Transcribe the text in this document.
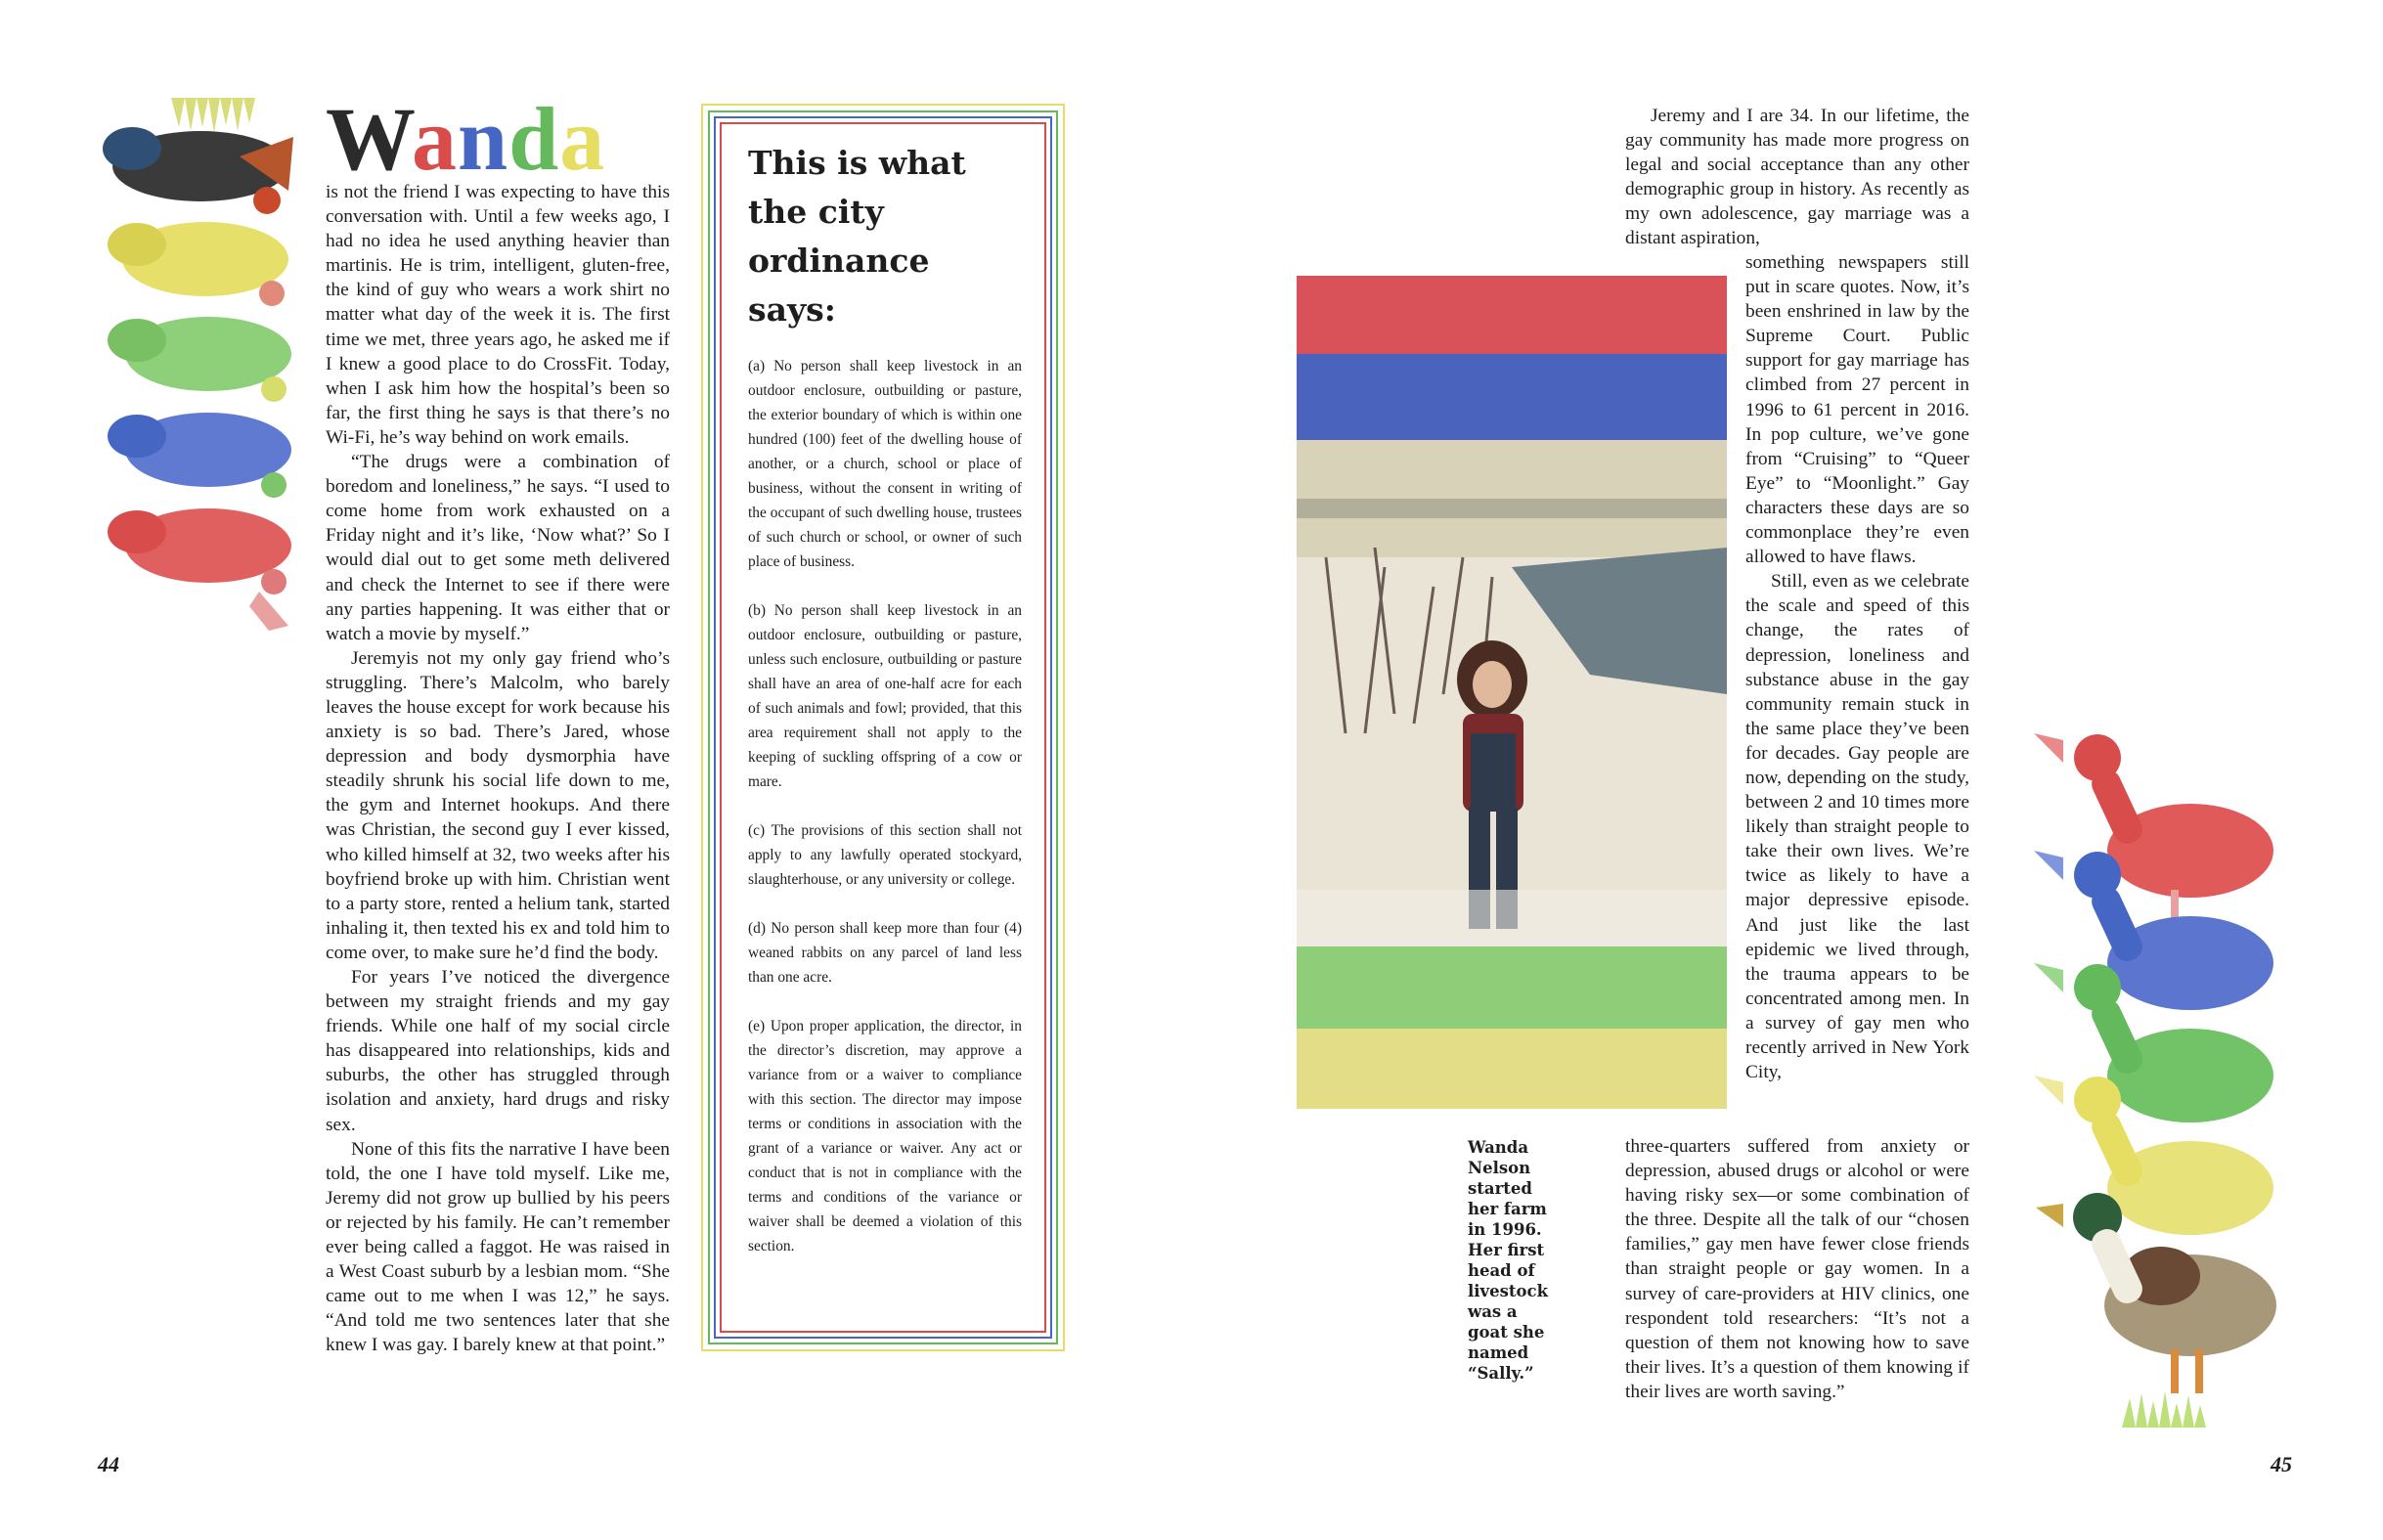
Wanda

is not the friend I was expecting to have this conversation with. Until a few weeks ago, I had no idea he used anything heavier than martinis. He is trim, intelligent, gluten-free, the kind of guy who wears a work shirt no matter what day of the week it is. The first time we met, three years ago, he asked me if I knew a good place to do CrossFit. Today, when I ask him how the hospital’s been so far, the first thing he says is that there’s no Wi-Fi, he’s way behind on work emails.

“The drugs were a combination of boredom and loneliness,” he says. “I used to come home from work exhausted on a Friday night and it’s like, ‘Now what?’ So I would dial out to get some meth delivered and check the Internet to see if there were any parties happening. It was either that or watch a movie by myself.”

Jeremyis not my only gay friend who’s struggling. There’s Malcolm, who barely leaves the house except for work because his anxiety is so bad. There’s Jared, whose depression and body dysmorphia have steadily shrunk his social life down to me, the gym and Internet hookups. And there was Christian, the second guy I ever kissed, who killed himself at 32, two weeks after his boyfriend broke up with him. Christian went to a party store, rented a helium tank, started inhaling it, then texted his ex and told him to come over, to make sure he’d find the body.

For years I’ve noticed the divergence between my straight friends and my gay friends. While one half of my social circle has disappeared into relationships, kids and suburbs, the other has struggled through isolation and anxiety, hard drugs and risky sex.

None of this fits the narrative I have been told, the one I have told myself. Like me, Jeremy did not grow up bullied by his peers or rejected by his family. He can’t remember ever being called a faggot. He was raised in a West Coast suburb by a lesbian mom. “She came out to me when I was 12,” he says. “And told me two sentences later that she knew I was gay. I barely knew at that point.”

This is what the city ordinance says:

(a) No person shall keep livestock in an outdoor enclosure, outbuilding or pasture, the exterior boundary of which is within one hundred (100) feet of the dwelling house of another, or a church, school or place of business, without the consent in writing of the occupant of such dwelling house, trustees of such church or school, or owner of such place of business.

(b) No person shall keep livestock in an outdoor enclosure, outbuilding or pasture, unless such enclosure, outbuilding or pasture shall have an area of one-half acre for each of such animals and fowl; provided, that this area requirement shall not apply to the keeping of suckling offspring of a cow or mare.

(c) The provisions of this section shall not apply to any lawfully operated stockyard, slaughterhouse, or any university or college.

(d) No person shall keep more than four (4) weaned rabbits on any parcel of land less than one acre.

(e) Upon proper application, the director, in the director’s discretion, may approve a variance from or a waiver to compliance with this section. The director may impose terms or conditions in association with the grant of a variance or waiver. Any act or conduct that is not in compliance with the terms and conditions of the variance or waiver shall be deemed a violation of this section.

44

Wanda Nelson started her farm in 1996. Her first head of livestock was a goat she named “Sally.”

Jeremy and I are 34. In our lifetime, the gay community has made more progress on legal and social acceptance than any other demographic group in history. As recently as my own adolescence, gay marriage was a distant aspiration,

something newspapers still put in scare quotes. Now, it’s been enshrined in law by the Supreme Court. Public support for gay marriage has climbed from 27 percent in 1996 to 61 percent in 2016. In pop culture, we’ve gone from “Cruising” to “Queer Eye” to “Moonlight.” Gay characters these days are so commonplace they’re even allowed to have flaws.

Still, even as we celebrate the scale and speed of this change, the rates of depression, loneliness and substance abuse in the gay community remain stuck in the same place they’ve been for decades. Gay people are now, depending on the study, between 2 and 10 times more likely than straight people to take their own lives. We’re twice as likely to have a major depressive episode. And just like the last epidemic we lived through, the trauma appears to be concentrated among men. In a survey of gay men who recently arrived in New York City,

three-quarters suffered from anxiety or depression, abused drugs or alcohol or were having risky sex—or some combination of the three. Despite all the talk of our “chosen families,” gay men have fewer close friends than straight people or gay women. In a survey of care-providers at HIV clinics, one respondent told researchers: “It’s not a question of them not knowing how to save their lives. It’s a question of them knowing if their lives are worth saving.”

45
